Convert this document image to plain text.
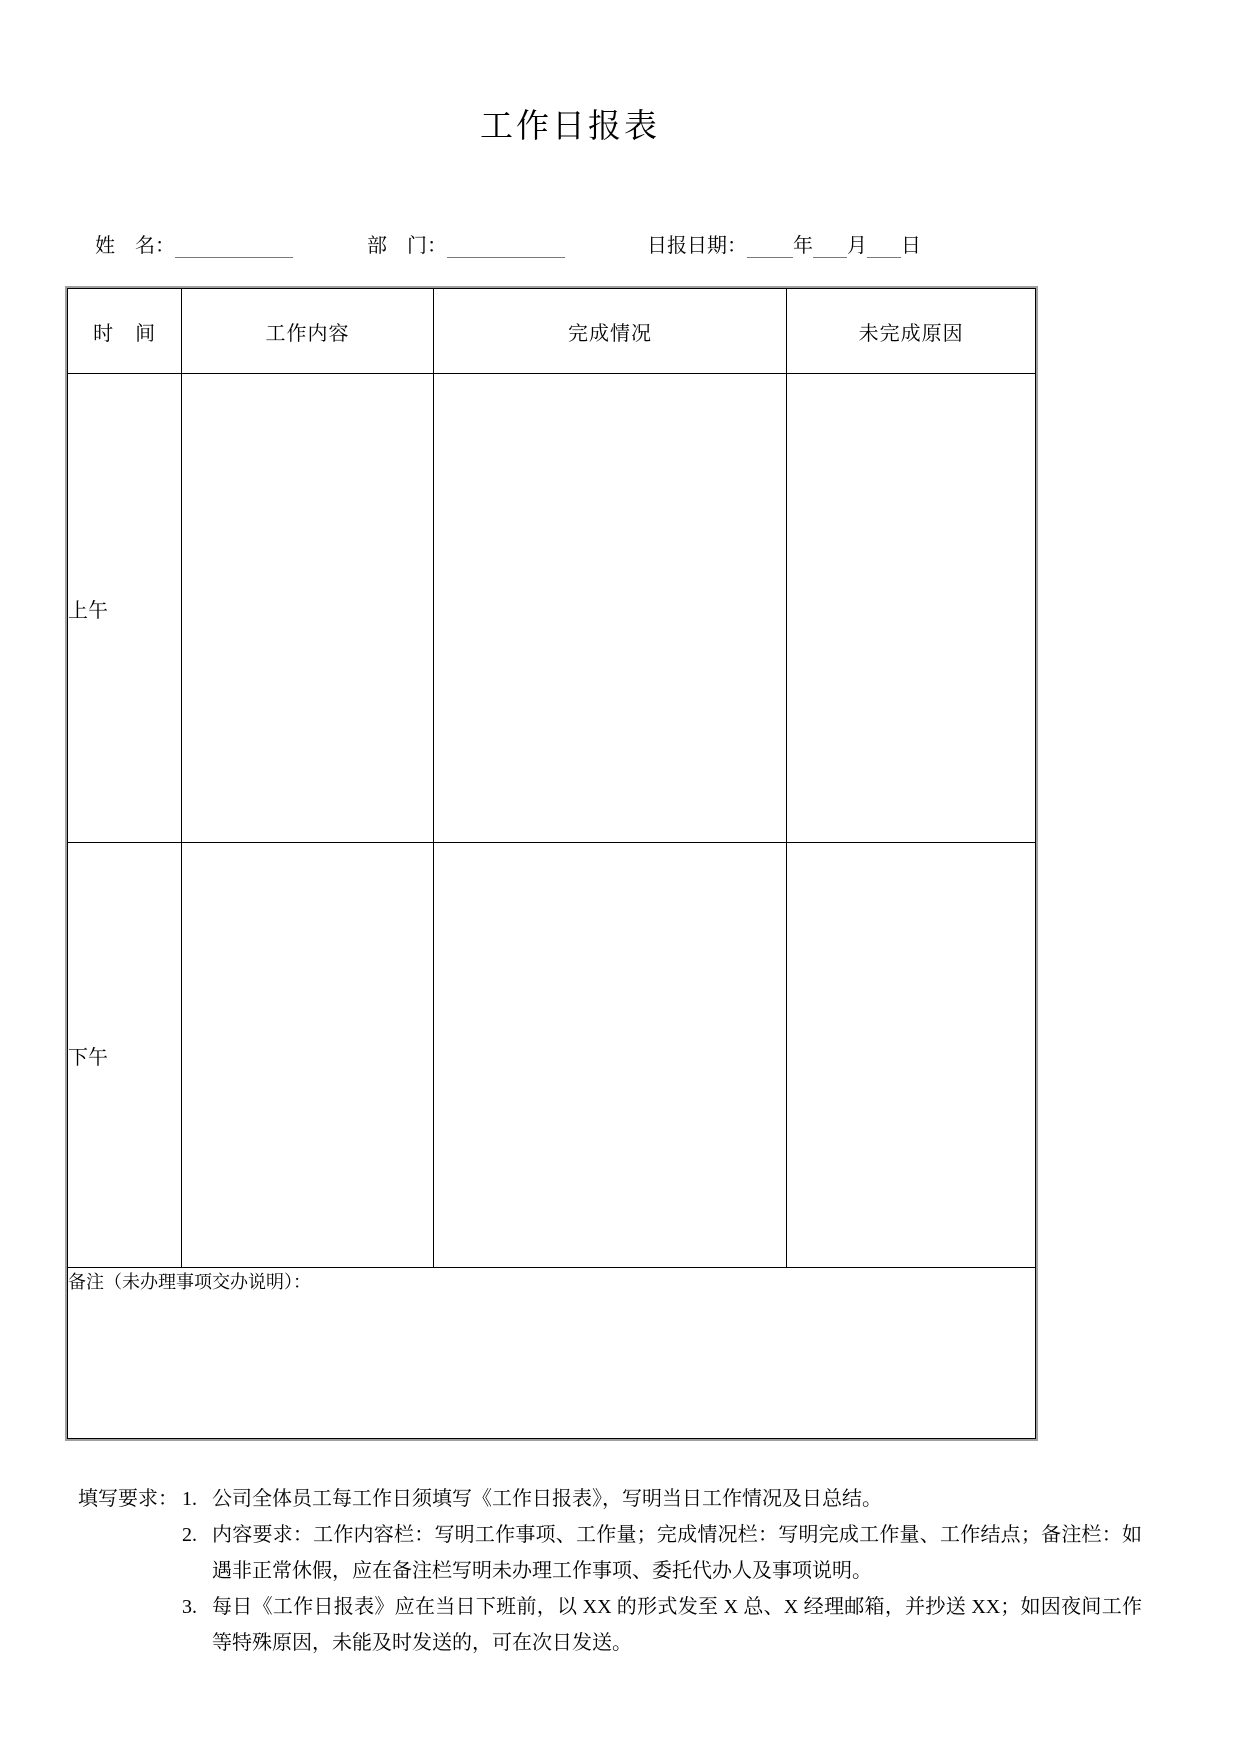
工作日报表
姓　名：	部　门：	日报日期： 年 月 日
时　间	工作内容	完成情况	未完成原因
上午			
下午			
备注（未办理事项交办说明）：			
填写要求： 1. 公司全体员工每工作日须填写《工作日报表》，写明当日工作情况及日总结。
2. 内容要求：工作内容栏：写明工作事项、工作量；完成情况栏：写明完成工作量、工作结点；备注栏：如遇非正常休假，应在备注栏写明未办理工作事项、委托代办人及事项说明。
3. 每日《工作日报表》应在当日下班前，以 XX 的形式发至 X 总、X 经理邮箱，并抄送 XX；如因夜间工作等特殊原因，未能及时发送的，可在次日发送。
